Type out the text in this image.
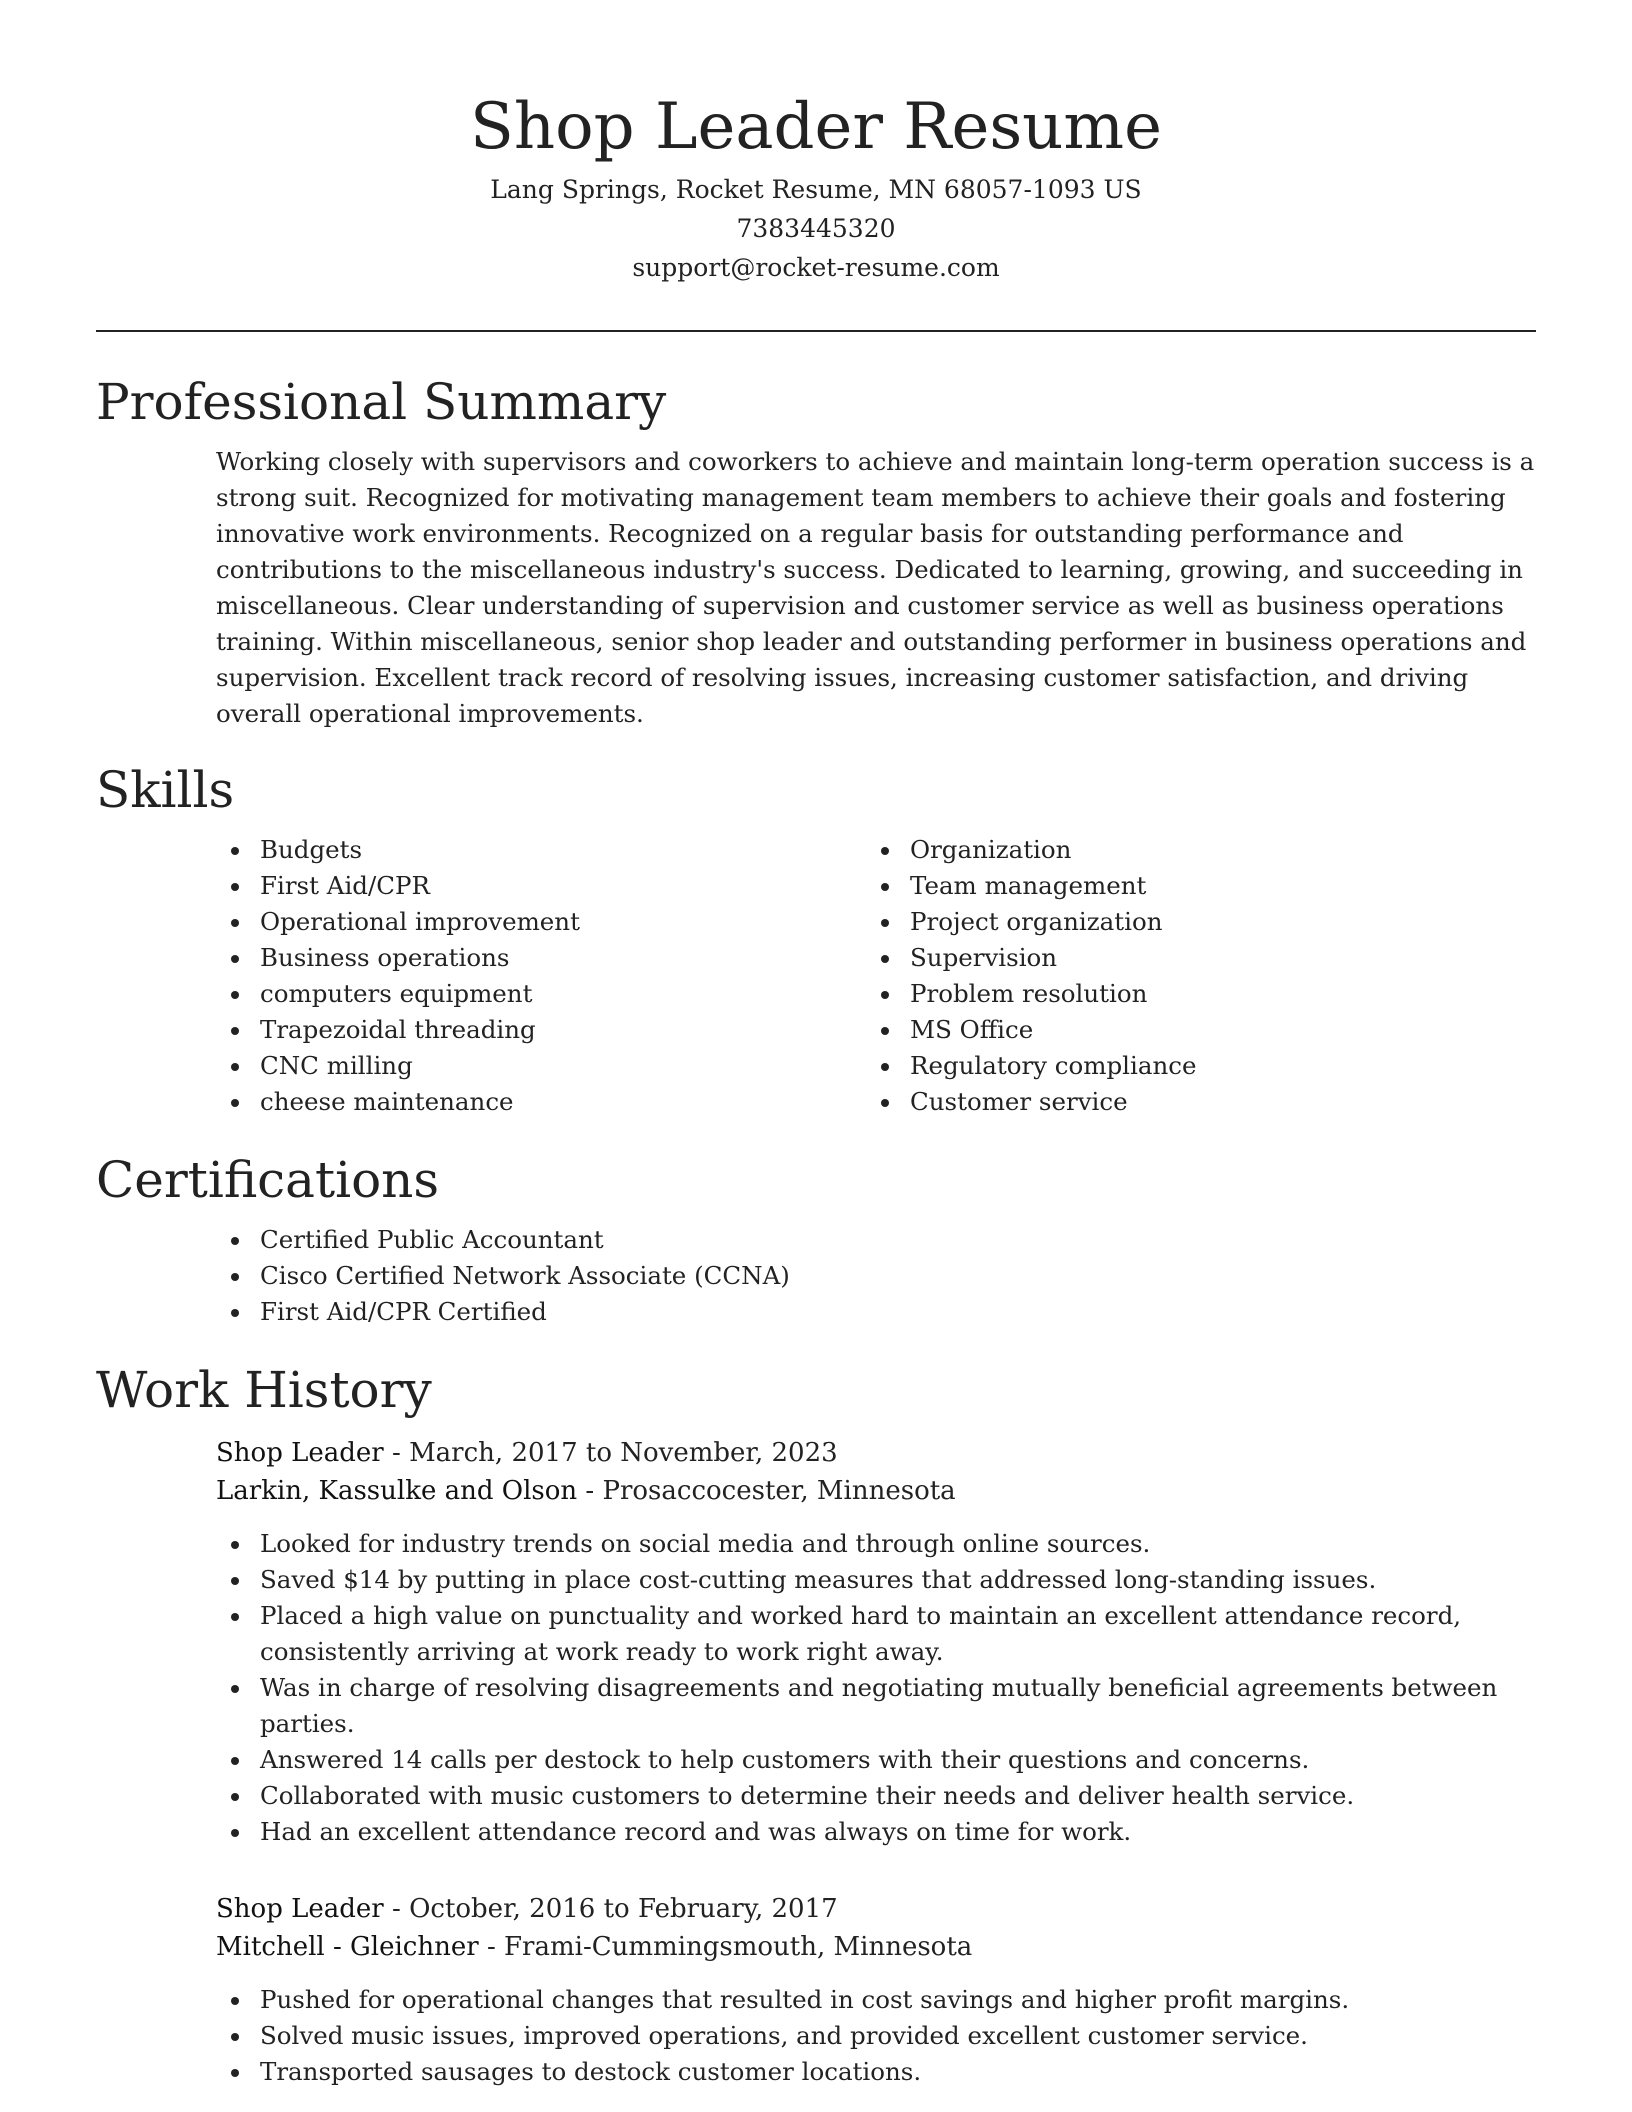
Shop Leader Resume
Lang Springs, Rocket Resume, MN 68057-1093 US
7383445320
support@rocket-resume.com
Professional Summary

Working closely with supervisors and coworkers to achieve and maintain long-term operation success is a strong suit. Recognized for motivating management team members to achieve their goals and fostering innovative work environments. Recognized on a regular basis for outstanding performance and contributions to the miscellaneous industry's success. Dedicated to learning, growing, and succeeding in miscellaneous. Clear understanding of supervision and customer service as well as business operations training. Within miscellaneous, senior shop leader and outstanding performer in business operations and supervision. Excellent track record of resolving issues, increasing customer satisfaction, and driving overall operational improvements.

Skills
Budgets
First Aid/CPR
Operational improvement
Business operations
computers equipment
Trapezoidal threading
CNC milling
cheese maintenance
Organization
Team management
Project organization
Supervision
Problem resolution
MS Office
Regulatory compliance
Customer service
Certifications
Certified Public Accountant
Cisco Certified Network Associate (CCNA)
First Aid/CPR Certified
Work History
Shop Leader - March, 2017 to November, 2023
Larkin, Kassulke and Olson - Prosaccocester, Minnesota
Looked for industry trends on social media and through online sources.
Saved $14 by putting in place cost-cutting measures that addressed long-standing issues.
Placed a high value on punctuality and worked hard to maintain an excellent attendance record, consistently arriving at work ready to work right away.
Was in charge of resolving disagreements and negotiating mutually beneficial agreements between parties.
Answered 14 calls per destock to help customers with their questions and concerns.
Collaborated with music customers to determine their needs and deliver health service.
Had an excellent attendance record and was always on time for work.
Shop Leader - October, 2016 to February, 2017
Mitchell - Gleichner - Frami-Cummingsmouth, Minnesota
Pushed for operational changes that resulted in cost savings and higher profit margins.
Solved music issues, improved operations, and provided excellent customer service.
Transported sausages to destock customer locations.
